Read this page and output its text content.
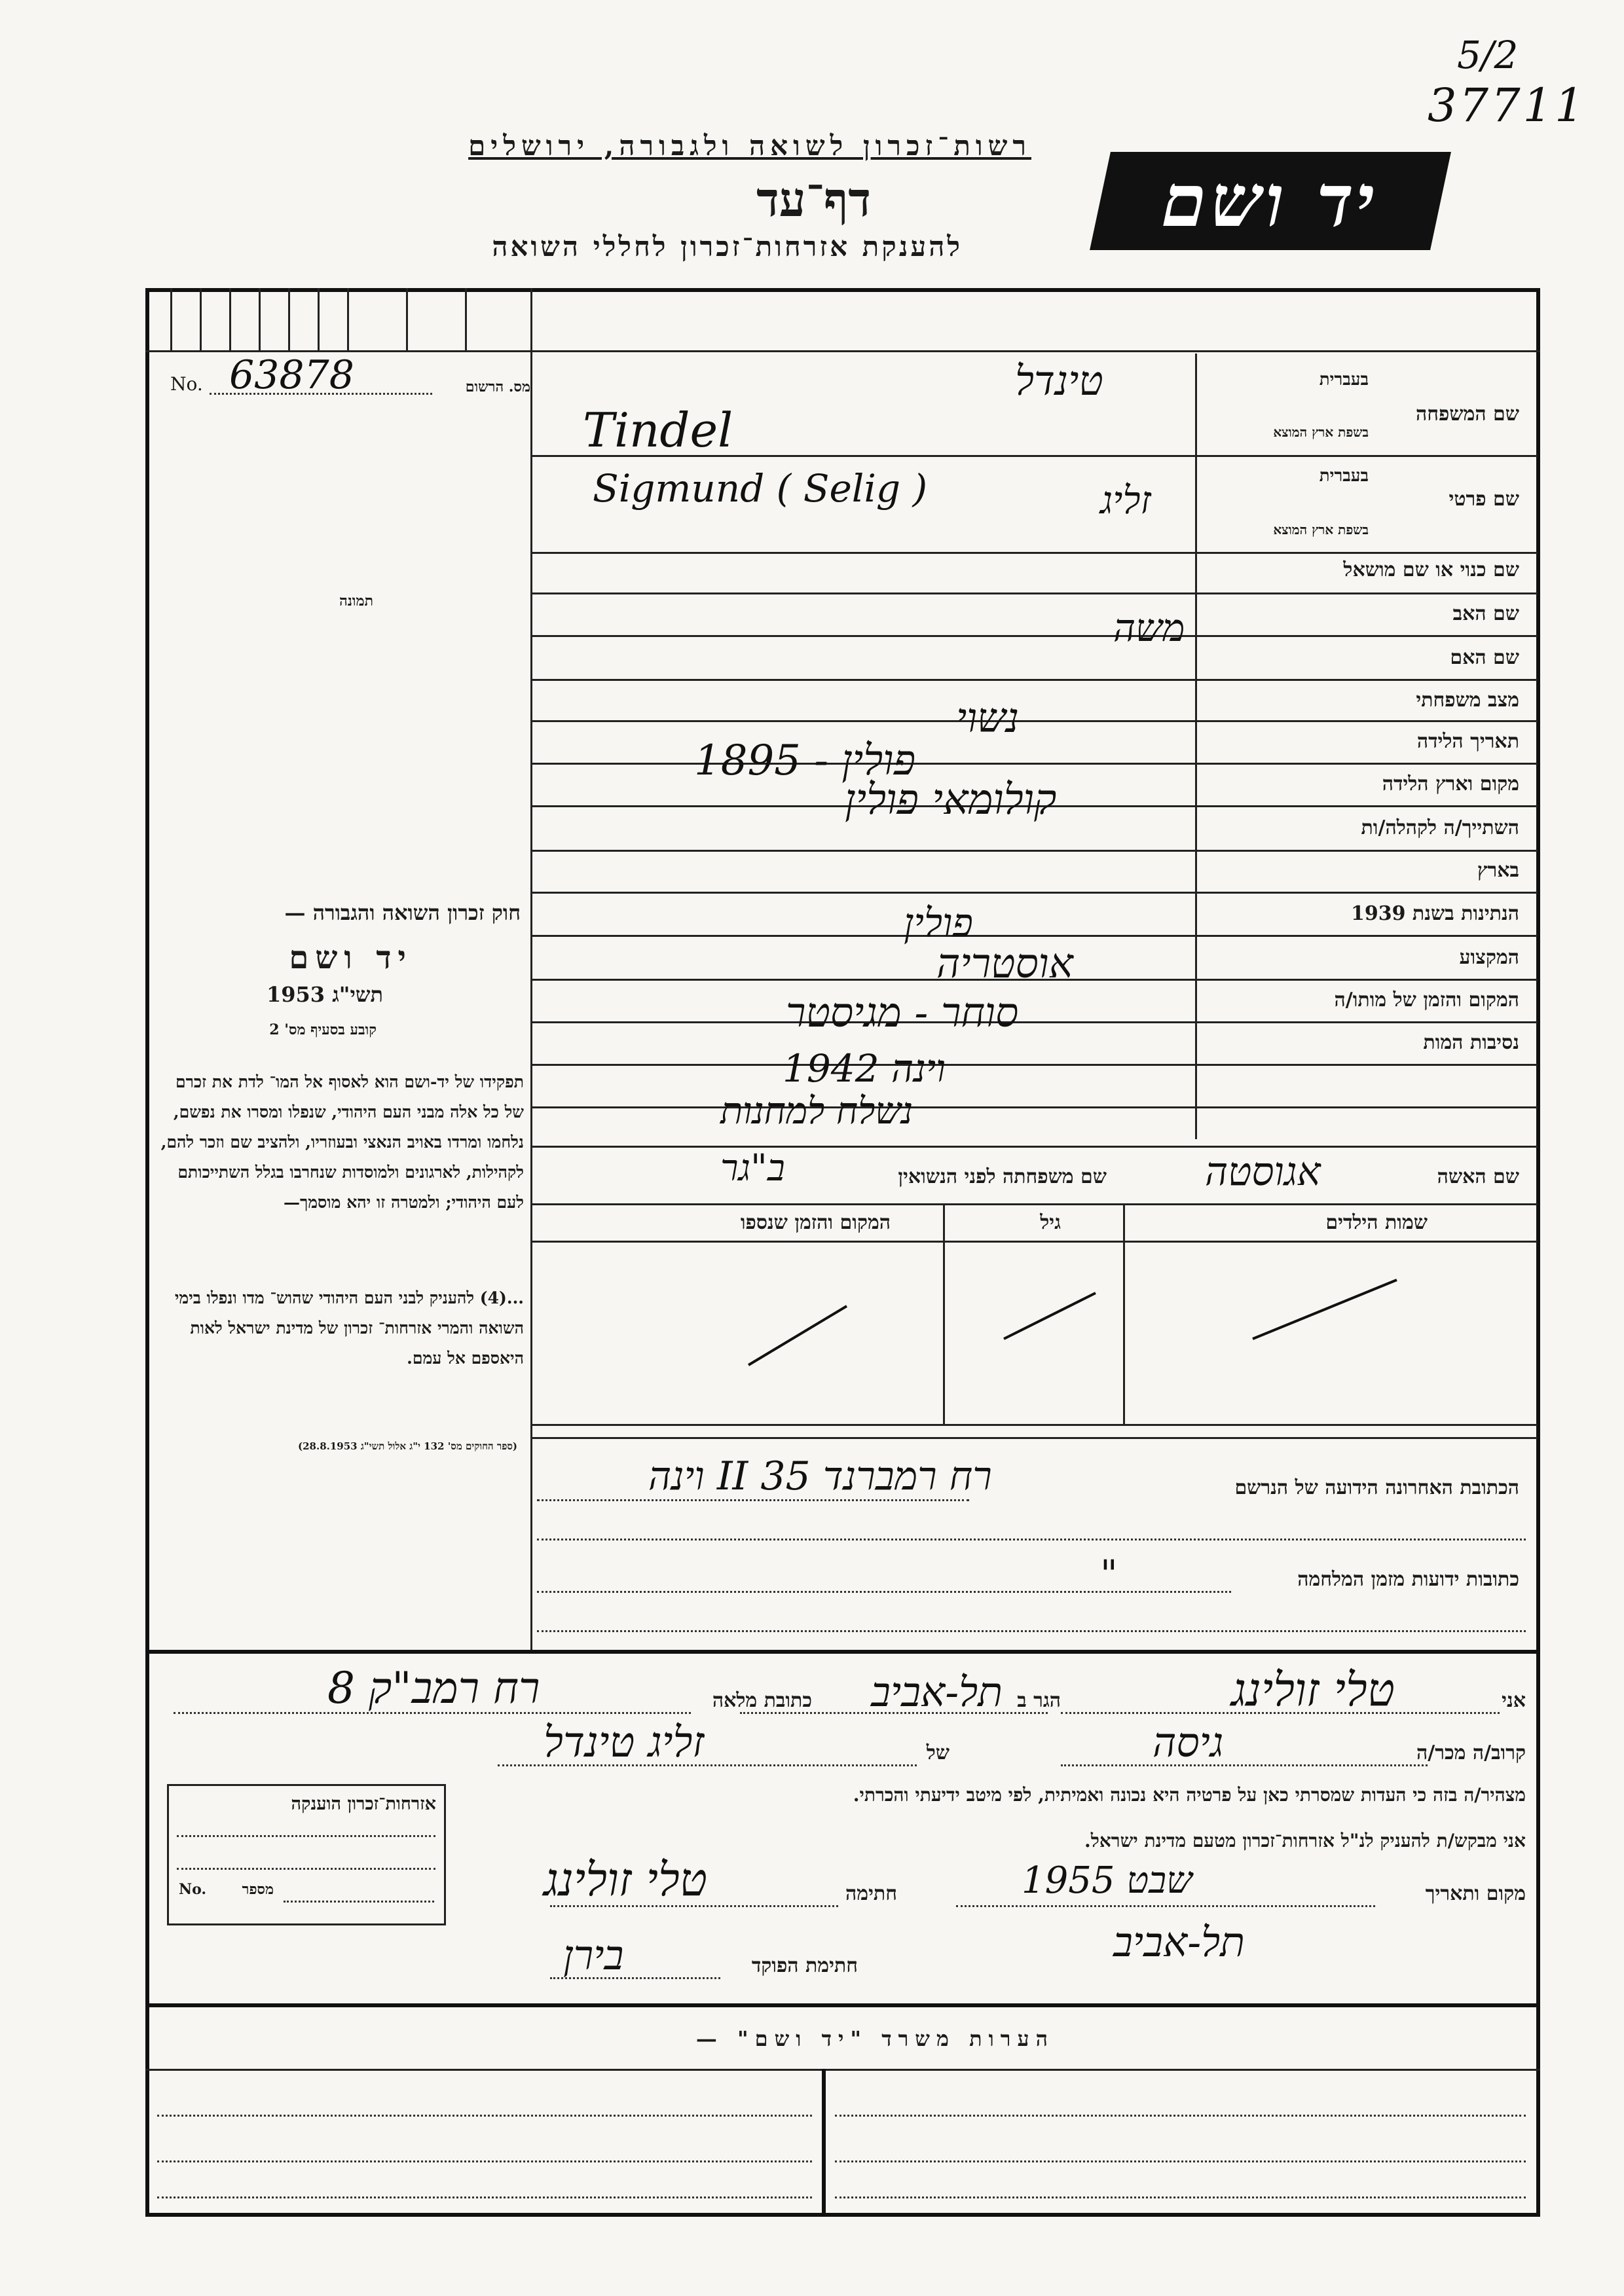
5/2
37711
רשות־זכרון לשואה ולגבורה, ירושלים
דף־עד
להענקת אזרחות־זכרון לחללי השואה
יד ושם
No. 63878	מס. הרשום
תמונה
שם המשפחה
בעברית
בשפת ארץ המוצא
שם פרטי
בעברית
בשפת ארץ המוצא
שם כנוי או שם מושאל
שם האב
שם האם
מצב משפחתי
תאריך הלידה
מקום וארץ הלידה
השתייך/ה לקהלה/ות
בארץ
הנתינות בשנת 1939
המקצוע
המקום והזמן של מותו/ה
נסיבות המות
שם האשה
שם משפחתה לפני הנשואין
שמות הילדים
גיל
המקום והזמן שנספו
הכתובת האחרונה הידועה של הנרשם
כתובות ידועות מזמן המלחמה
טינדל
Tindel
Sigmund ( Selig )	זליג
משה
נשוי
1895 - פולין
קולומאי פולין
פולין
אוסטריה
סוחר - מגיסטר
וינה 1942
נשלח למחנות
אגוסטה
ב"גר
וינה II רח רמברנד 35
"
חוק זכרון השואה והגבורה —
יד ושם
תשי"ג 1953
קובע בסעיף מס' 2
תפקידו של יד-ושם הוא לאסוף אל המו־ לדת את זכרם של כל אלה מבני העם היהודי, שנפלו ומסרו את נפשם, נלחמו ומרדו באויב הנאצי ובעוזריו, ולהציב שם וזכר להם, לקהילות, לארגונים ולמוסדות שנחרבו בגלל השתייכותם לעם היהודי; ולמטרה זו יהא מוסמך—
...(4) להעניק לבני העם היהודי שהוש־ מדו ונפלו בימי השואה והמרי אזרחות־ זכרון של מדינת ישראל לאות היאספם אל עמם.
(ספר החוקים מס' 132 י"ג אלול תשי"ג 28.8.1953)
אני
טלי זולינג
הגר ב
תל-אביב
כתובת מלאה
רח רמב"ק 8
קרוב/ה מכר/ה
גיסה
של
זליג טינדל
מצהיר/ה בזה כי העדות שמסרתי כאן על פרטיה היא נכונה ואמיתית, לפי מיטב ידיעתי והכרתי.
אני מבקש/ת להעניק לנ"ל אזרחות־זכרון מטעם מדינת ישראל.
מקום ותאריך
1955 שבט
תל-אביב
חתימה
טלי זולינג
חתימת הפוקד
בירן
אזרחות־זכרון הוענקה
No. מספר
הערות משרד "יד ושם" —
